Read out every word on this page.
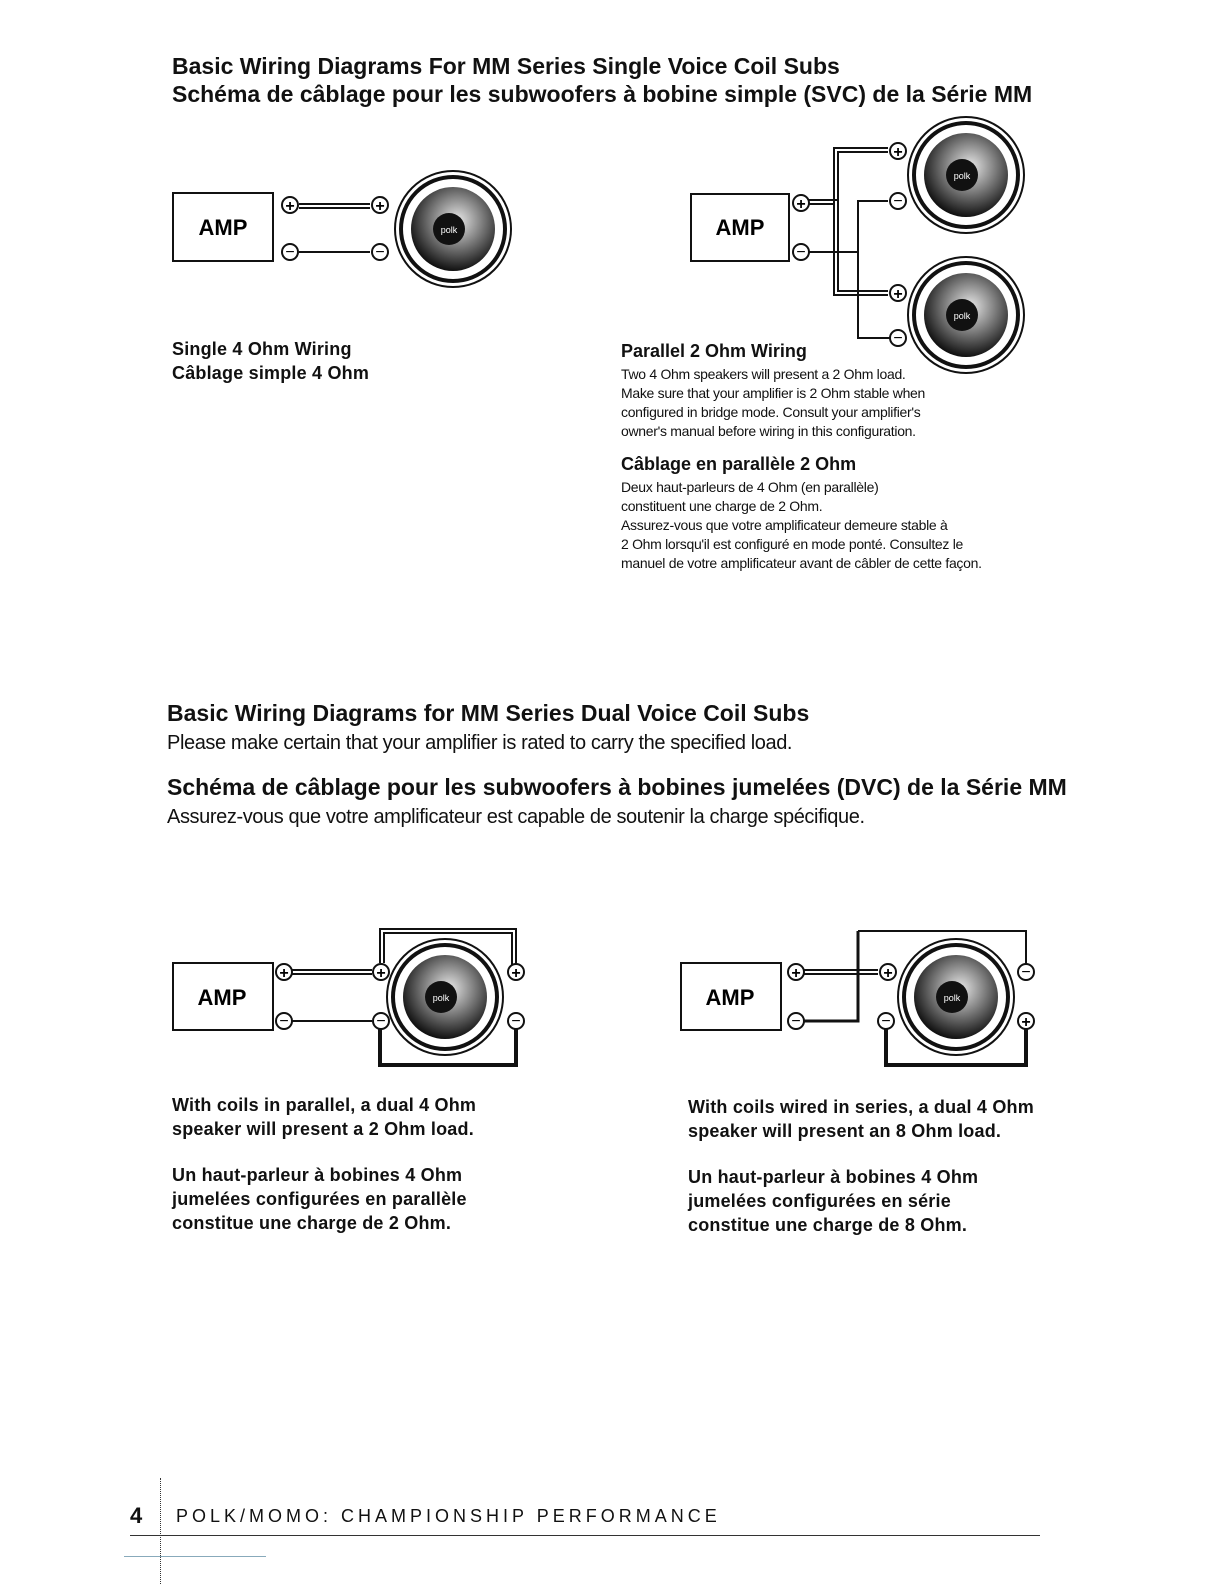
Basic Wiring Diagrams For MM Series Single Voice Coil Subs
Schéma de câblage pour les subwoofers à bobine simple (SVC) de la Série MM
AMP
+
−
+
−
polk

Single 4 Ohm Wiring

Câblage simple 4 Ohm

AMP
+
−
+
−
+
−
polk
polk

Parallel 2 Ohm Wiring

Two 4 Ohm speakers will present a 2 Ohm load.

Make sure that your amplifier is 2 Ohm stable when

configured in bridge mode. Consult your amplifier's

owner's manual before wiring in this configuration.

Câblage en parallèle 2 Ohm

Deux haut-parleurs de 4 Ohm (en parallèle)

constituent une charge de 2 Ohm.

Assurez-vous que votre amplificateur demeure stable à

2 Ohm lorsqu'il est configuré en mode ponté. Consultez le

manuel de votre amplificateur avant de câbler de cette façon.

Basic Wiring Diagrams for MM Series Dual Voice Coil Subs

Please make certain that your amplifier is rated to carry the specified load.

Schéma de câblage pour les subwoofers à bobines jumelées (DVC) de la Série MM

Assurez-vous que votre amplificateur est capable de soutenir la charge spécifique.

AMP
+
−
+
−
+
−
polk

With coils in parallel, a dual 4 Ohm

speaker will present a 2 Ohm load.

Un haut-parleur à bobines 4 Ohm

jumelées configurées en parallèle

constitue une charge de 2 Ohm.

AMP
+
−
+
−
−
+
polk

With coils wired in series, a dual 4 Ohm

speaker will present an 8 Ohm load.

Un haut-parleur à bobines 4 Ohm

jumelées configurées en série

constitue une charge de 8 Ohm.

4 POLK/MOMO: CHAMPIONSHIP PERFORMANCE
